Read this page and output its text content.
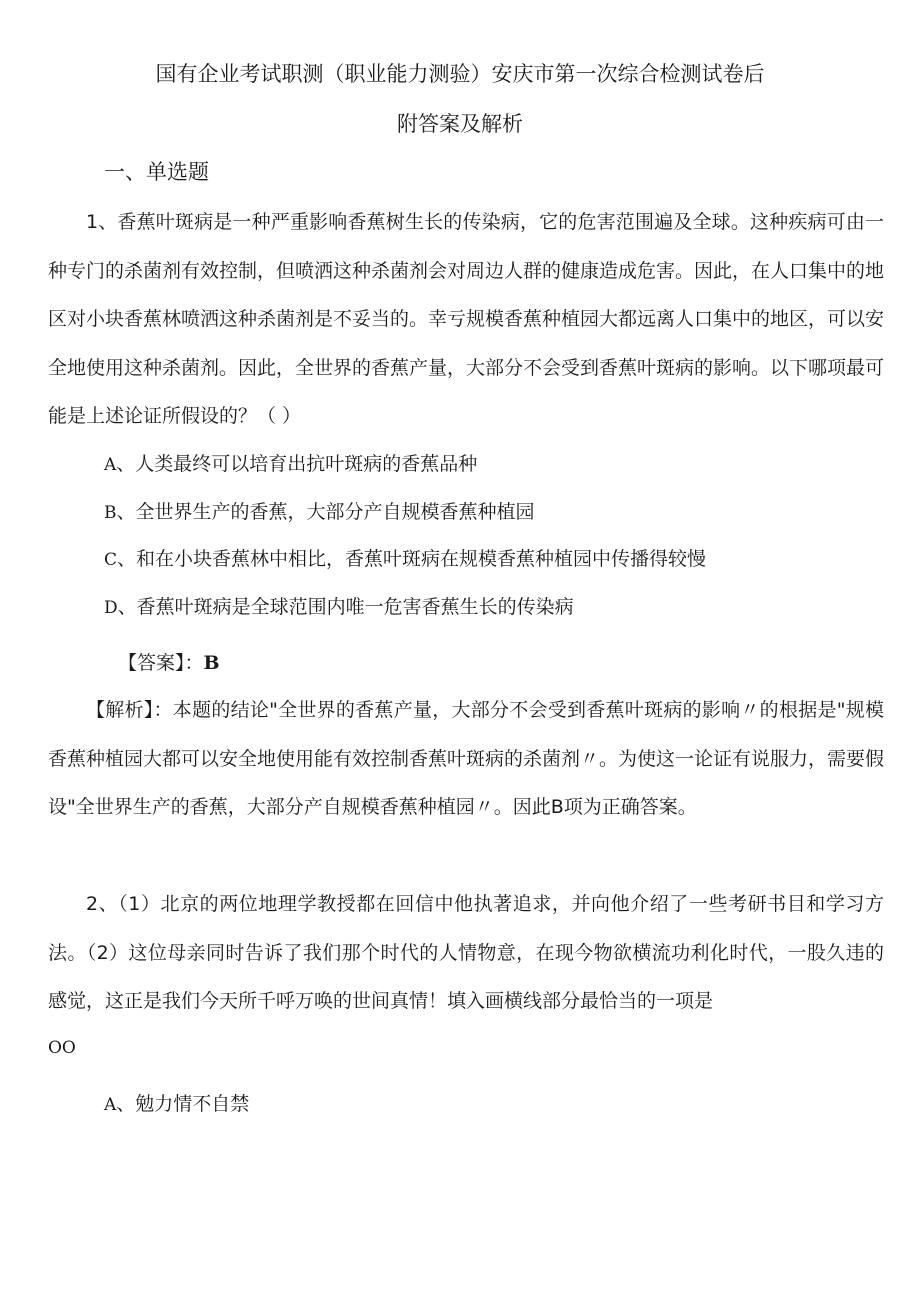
国有企业考试职测（职业能力测验）安庆市第一次综合检测试卷后
附答案及解析
一、单选题

1、香蕉叶斑病是一种严重影响香蕉树生长的传染病，它的危害范围遍及全球。这种疾病可由一种专门的杀菌剂有效控制，但喷洒这种杀菌剂会对周边人群的健康造成危害。因此，在人口集中的地区对小块香蕉林喷洒这种杀菌剂是不妥当的。幸亏规模香蕉种植园大都远离人口集中的地区，可以安全地使用这种杀菌剂。因此，全世界的香蕉产量，大部分不会受到香蕉叶斑病的影响。以下哪项最可能是上述论证所假设的？（ ）

A、人类最终可以培育出抗叶斑病的香蕉品种
B、全世界生产的香蕉，大部分产自规模香蕉种植园
C、和在小块香蕉林中相比，香蕉叶斑病在规模香蕉种植园中传播得较慢
D、香蕉叶斑病是全球范围内唯一危害香蕉生长的传染病
【答案】：B

【解析】：本题的结论"全世界的香蕉产量，大部分不会受到香蕉叶斑病的影响〃的根据是"规模香蕉种植园大都可以安全地使用能有效控制香蕉叶斑病的杀菌剂〃。为使这一论证有说服力，需要假设"全世界生产的香蕉，大部分产自规模香蕉种植园〃。因此B项为正确答案。

2、（1）北京的两位地理学教授都在回信中他执著追求，并向他介绍了一些考研书目和学习方法。（2）这位母亲同时告诉了我们那个时代的人情物意，在现今物欲横流功利化时代，一股久违的感觉，这正是我们今天所千呼万唤的世间真情！填入画横线部分最恰当的一项是

OO
A、勉力情不自禁
